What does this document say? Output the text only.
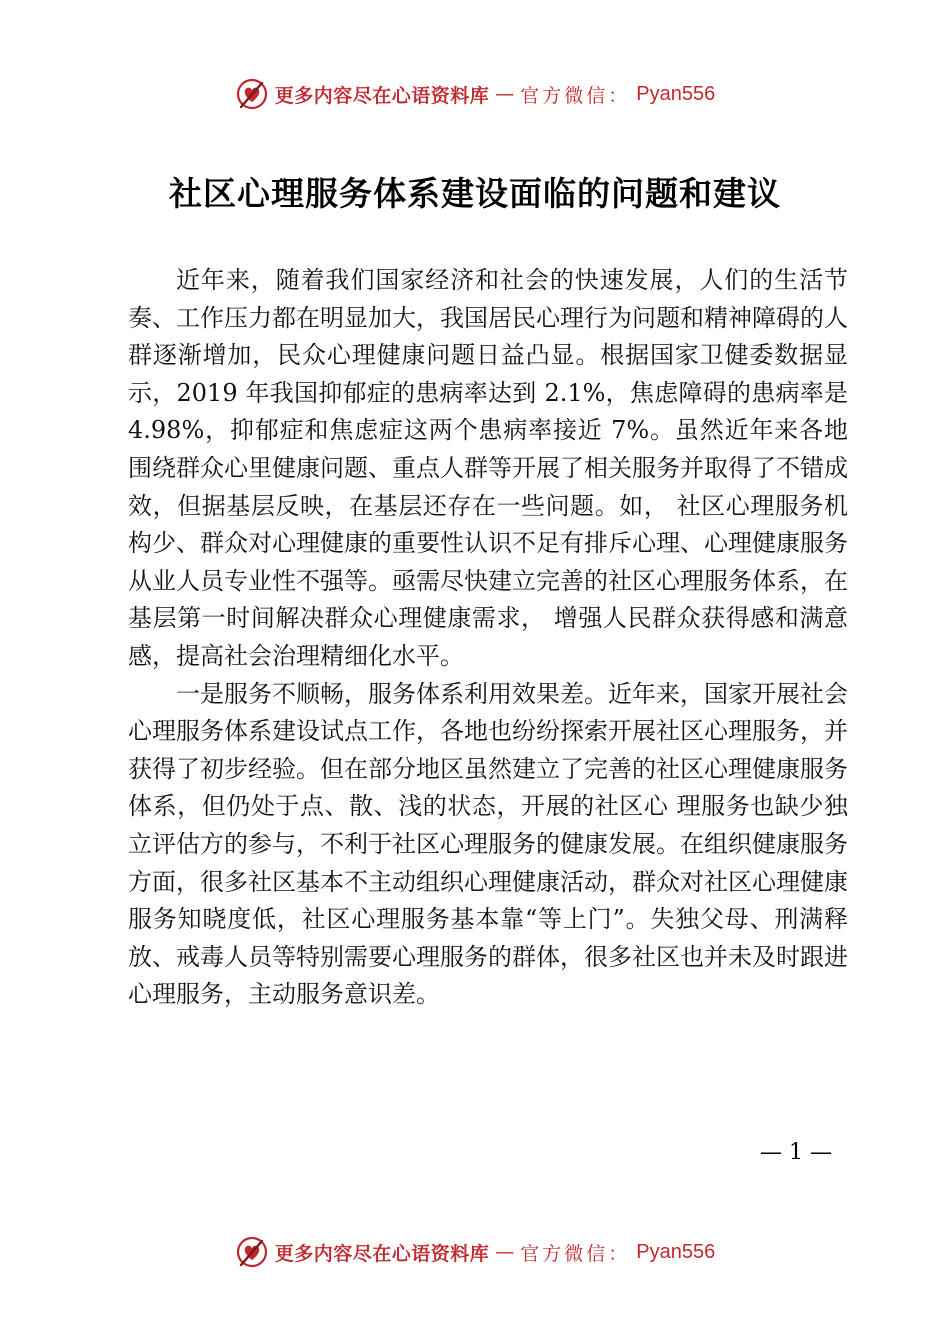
更多内容尽在心语资料库 — 官方微信： Pyan556
社区心理服务体系建设面临的问题和建议

近年来，随着我们国家经济和社会的快速发展，人们的生活节奏、工作压力都在明显加大，我国居民心理行为问题和精神障碍的人群逐渐增加，民众心理健康问题日益凸显。根据国家卫健委数据显示，2019 年我国抑郁症的患病率达到 2.1%，焦虑障碍的患病率是 4.98%，抑郁症和焦虑症这两个患病率接近 7%。虽然近年来各地围绕群众心里健康问题、重点人群等开展了相关服务并取得了不错成效，但据基层反映，在基层还存在一些问题。如， 社区心理服务机构少、群众对心理健康的重要性认识不足有排斥心理、心理健康服务从业人员专业性不强等。亟需尽快建立完善的社区心理服务体系，在基层第一时间解决群众心理健康需求， 增强人民群众获得感和满意感，提高社会治理精细化水平。

一是服务不顺畅，服务体系利用效果差。近年来，国家开展社会心理服务体系建设试点工作，各地也纷纷探索开展社区心理服务，并获得了初步经验。但在部分地区虽然建立了完善的社区心理健康服务体系，但仍处于点、散、浅的状态，开展的社区心 理服务也缺少独立评估方的参与，不利于社区心理服务的健康发展。在组织健康服务方面，很多社区基本不主动组织心理健康活动，群众对社区心理健康服务知晓度低，社区心理服务基本靠“等上门”。失独父母、刑满释放、戒毒人员等特别需要心理服务的群体，很多社区也并未及时跟进心理服务，主动服务意识差。

— 1 —
更多内容尽在心语资料库 — 官方微信： Pyan556
